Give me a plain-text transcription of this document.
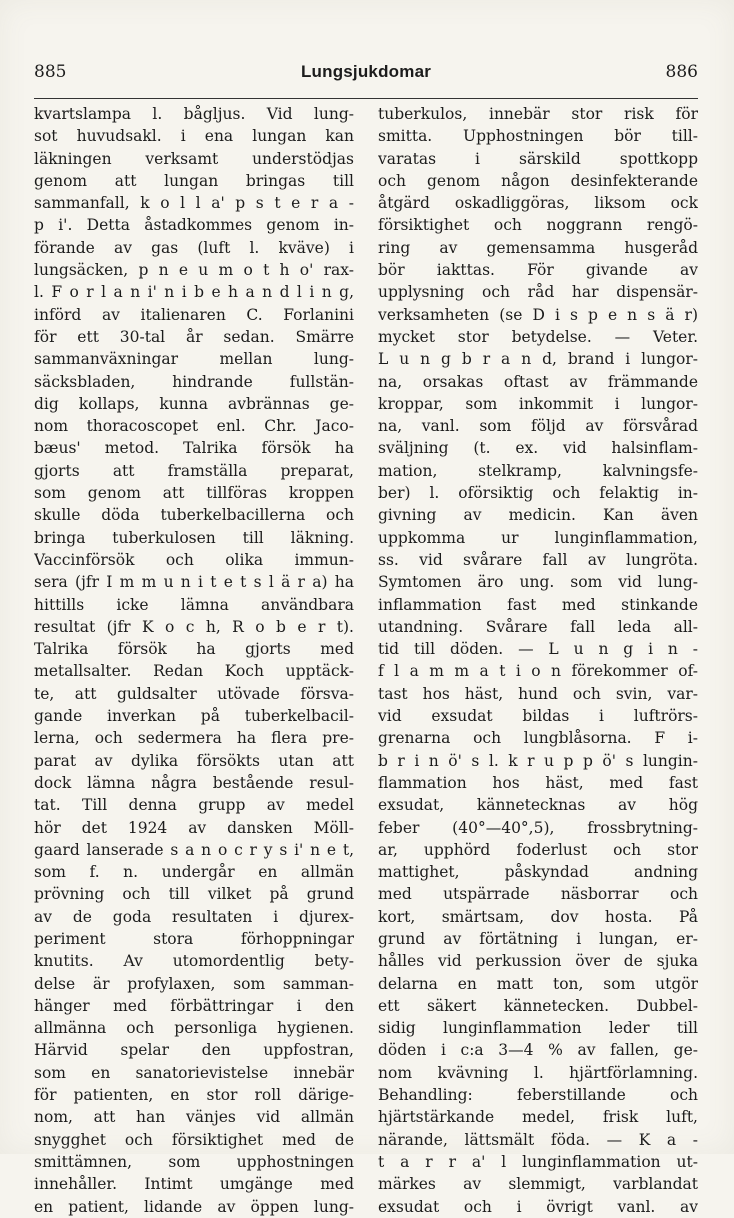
885	Lungsjukdomar	886
kvartslampa l. bågljus. Vid lung-
sot huvudsakl. i ena lungan kan
läkningen verksamt understödjas
genom att lungan bringas till
sammanfall, k o l l a' p s t e r a -
p i'. Detta åstadkommes genom in-
förande av gas (luft l. kväve) i
lungsäcken, p n e u m o t h o' rax-
l. F o r l a n i' n i b e h a n d l i n g,
införd av italienaren C. Forlanini
för ett 30-tal år sedan. Smärre
sammanväxningar mellan lung-
säcksbladen, hindrande fullstän-
dig kollaps, kunna avbrännas ge-
nom thoracoscopet enl. Chr. Jaco-
bæus' metod. Talrika försök ha
gjorts att framställa preparat,
som genom att tillföras kroppen
skulle döda tuberkelbacillerna och
bringa tuberkulosen till läkning.
Vaccinförsök och olika immun-
sera (jfr I m m u n i t e t s l ä r a) ha
hittills icke lämna användbara
resultat (jfr K o c h, R o b e r t).
Talrika försök ha gjorts med
metallsalter. Redan Koch upptäck-
te, att guldsalter utövade försva-
gande inverkan på tuberkelbacil-
lerna, och sedermera ha flera pre-
parat av dylika försökts utan att
dock lämna några bestående resul-
tat. Till denna grupp av medel
hör det 1924 av dansken Möll-
gaard lanserade s a n o c r y s i' n e t,
som f. n. undergår en allmän
prövning och till vilket på grund
av de goda resultaten i djurex-
periment stora förhoppningar
knutits. Av utomordentlig bety-
delse är profylaxen, som samman-
hänger med förbättringar i den
allmänna och personliga hygienen.
Härvid spelar den uppfostran,
som en sanatorievistelse innebär
för patienten, en stor roll därige-
nom, att han vänjes vid allmän
snygghet och försiktighet med de
smittämnen, som upphostningen
innehåller. Intimt umgänge med
en patient, lidande av öppen lung-
tuberkulos, innebär stor risk för
smitta. Upphostningen bör till-
varatas i särskild spottkopp
och genom någon desinfekterande
åtgärd oskadliggöras, liksom ock
försiktighet och noggrann rengö-
ring av gemensamma husgeråd
bör iakttas. För givande av
upplysning och råd har dispensär-
verksamheten (se D i s p e n s ä r)
mycket stor betydelse. — Veter.
L u n g b r a n d, brand i lungor-
na, orsakas oftast av främmande
kroppar, som inkommit i lungor-
na, vanl. som följd av försvårad
sväljning (t. ex. vid halsinflam-
mation, stelkramp, kalvningsfe-
ber) l. oförsiktig och felaktig in-
givning av medicin. Kan även
uppkomma ur lunginflammation,
ss. vid svårare fall av lungröta.
Symtomen äro ung. som vid lung-
inflammation fast med stinkande
utandning. Svårare fall leda all-
tid till döden. — L u n g i n -
f l a m m a t i o n förekommer of-
tast hos häst, hund och svin, var-
vid exsudat bildas i luftrörs-
grenarna och lungblåsorna. F i-
b r i n ö' s l. k r u p p ö' s lungin-
flammation hos häst, med fast
exsudat, kännetecknas av hög
feber (40°—40°,5), frossbrytning-
ar, upphörd foderlust och stor
mattighet, påskyndad andning
med utspärrade näsborrar och
kort, smärtsam, dov hosta. På
grund av förtätning i lungan, er-
hålles vid perkussion över de sjuka
delarna en matt ton, som utgör
ett säkert kännetecken. Dubbel-
sidig lunginflammation leder till
döden i c:a 3—4 % av fallen, ge-
nom kvävning l. hjärtförlamning.
Behandling: feberstillande och
hjärtstärkande medel, frisk luft,
närande, lättsmält föda. — K a -
t a r r a' l lunginflammation ut-
märkes av slemmigt, varblandat
exsudat och i övrigt vanl. av
